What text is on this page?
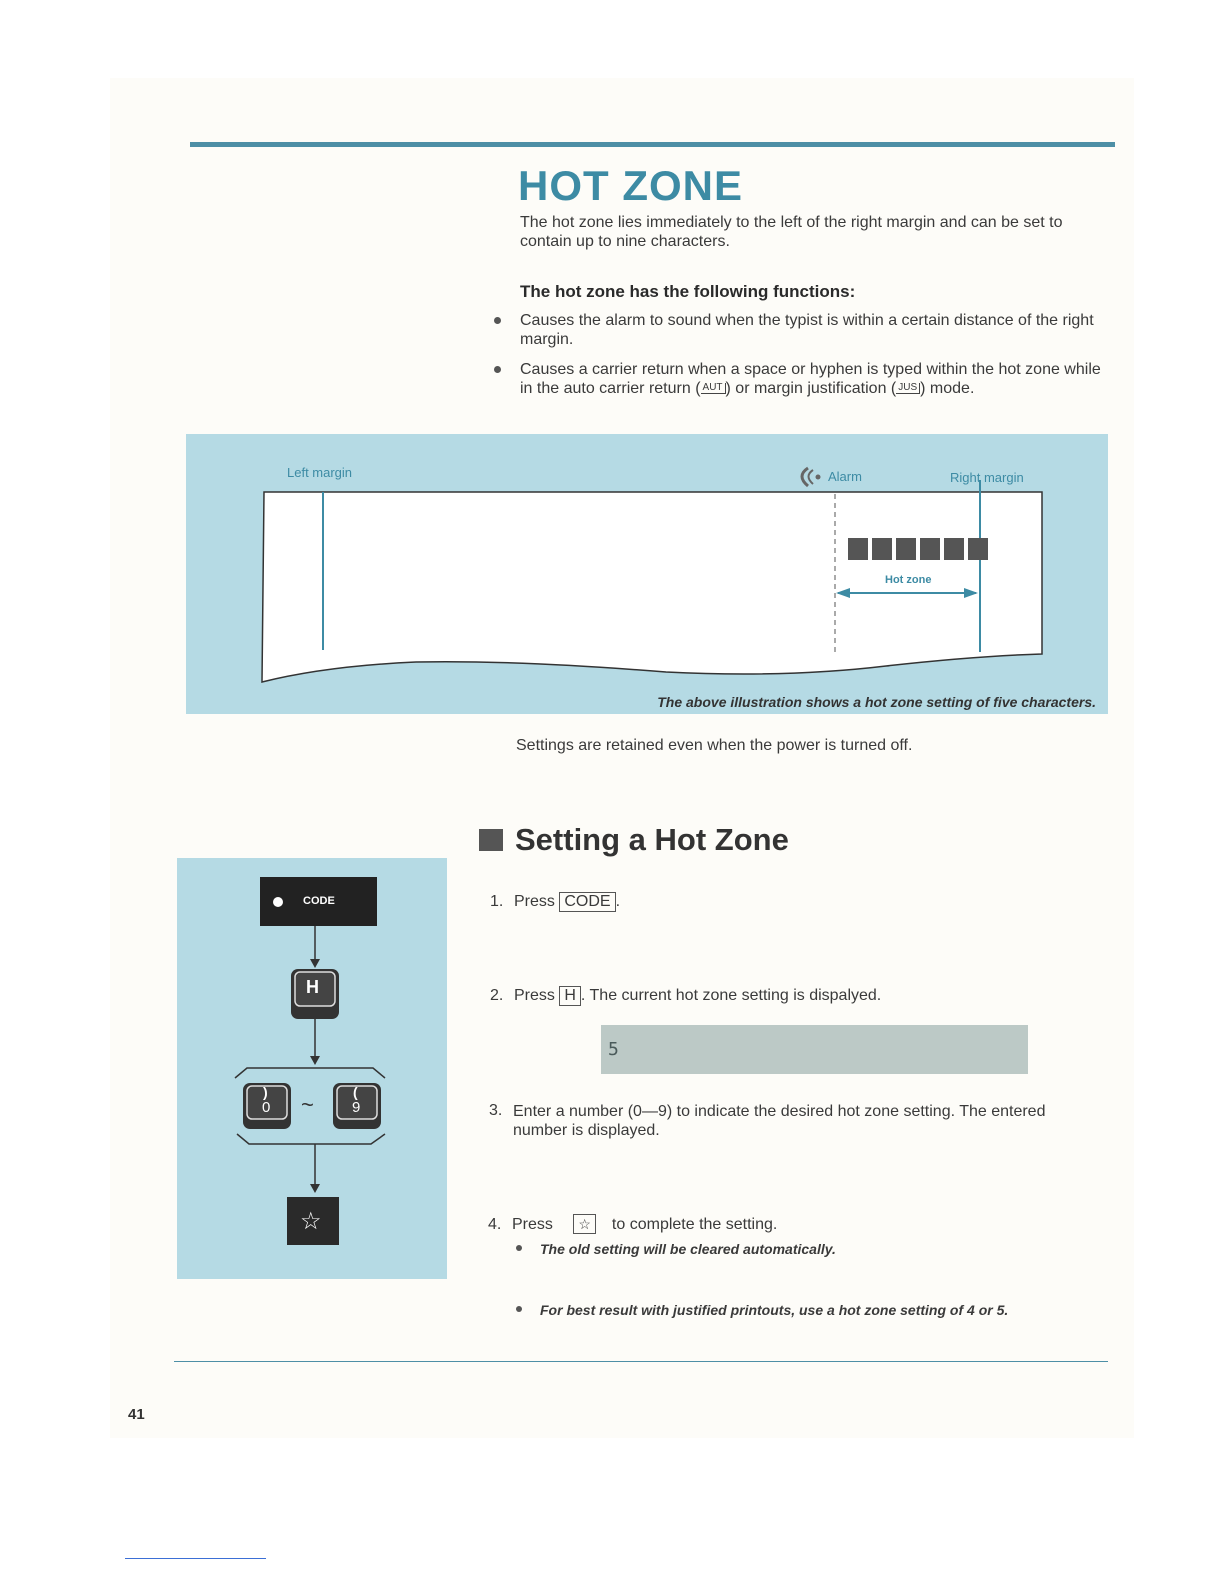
HOT ZONE
The hot zone lies immediately to the left of the right margin and can be set to contain up to nine characters.
The hot zone has the following functions:
Causes the alarm to sound when the typist is within a certain distance of the right margin.
Causes a carrier return when a space or hyphen is typed within the hot zone while in the auto carrier return ( AUT ) or margin justification ( JUS ) mode.
Left margin	Alarm	Right margin
Hot zone
The above illustration shows a hot zone setting of five characters.
Settings are retained even when the power is turned off.
Setting a Hot Zone
CODE
H
)
0 ~	(
9
☆
1. Press CODE .
2. Press H . The current hot zone setting is dispalyed.
5
3. Enter a number (0—9) to indicate the desired hot zone setting. The entered number is displayed.
4. Press ☆ to complete the setting.
The old setting will be cleared automatically.
For best result with justified printouts, use a hot zone setting of 4 or 5.
41
